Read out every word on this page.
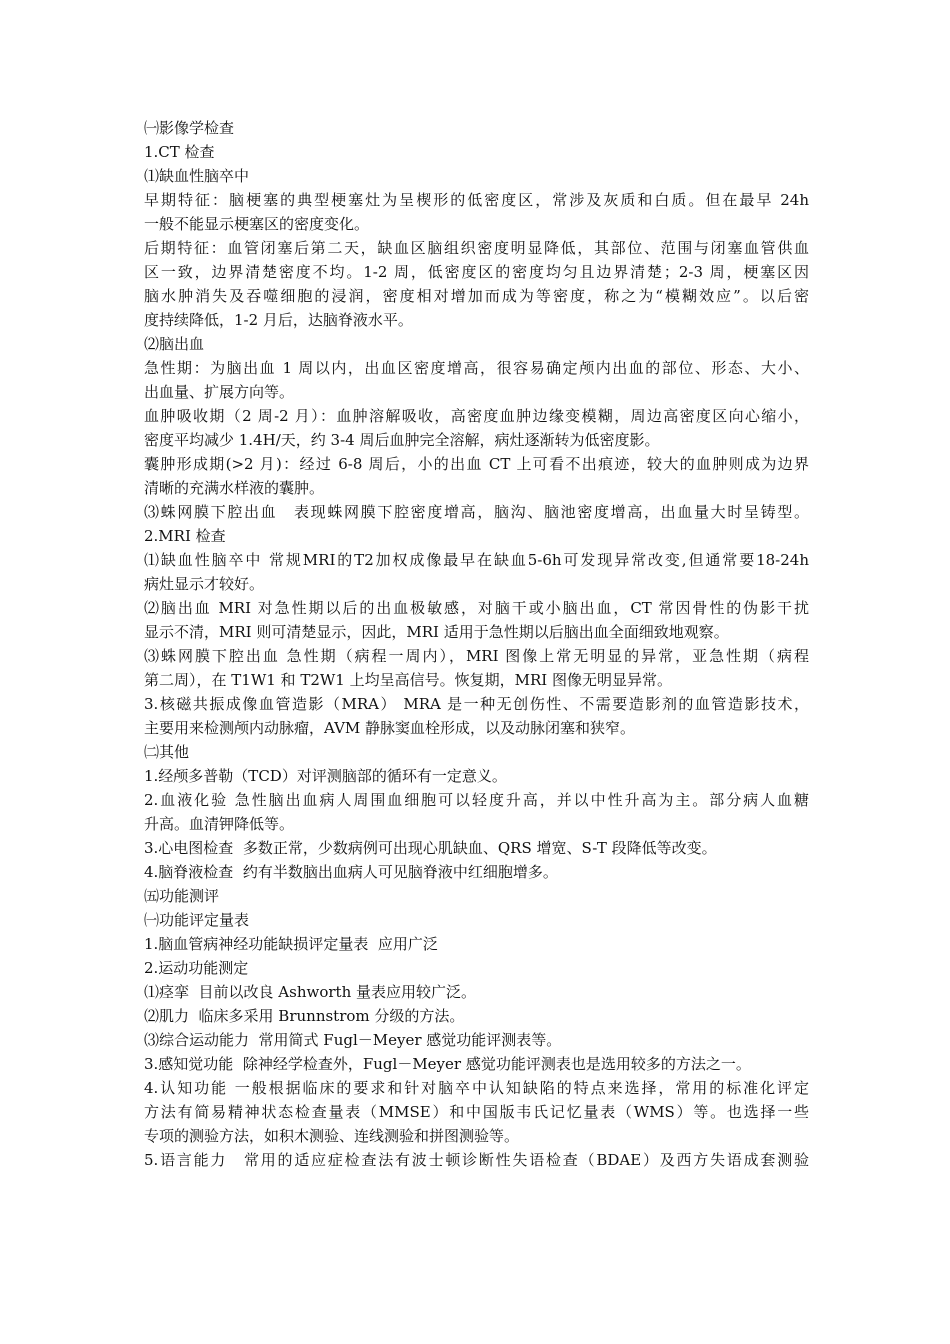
㈠影像学检查
1.CT 检查
⑴缺血性脑卒中
早期特征：脑梗塞的典型梗塞灶为呈楔形的低密度区，常涉及灰质和白质。但在最早 24h
一般不能显示梗塞区的密度变化。
后期特征：血管闭塞后第二天，缺血区脑组织密度明显降低，其部位、范围与闭塞血管供血
区一致，边界清楚密度不均。1-2 周，低密度区的密度均匀且边界清楚；2-3 周，梗塞区因
脑水肿消失及吞噬细胞的浸润，密度相对增加而成为等密度，称之为“模糊效应”。以后密
度持续降低，1-2 月后，达脑脊液水平。
⑵脑出血
急性期：为脑出血 1 周以内，出血区密度增高，很容易确定颅内出血的部位、形态、大小、
出血量、扩展方向等。
血肿吸收期（2 周-2 月）：血肿溶解吸收，高密度血肿边缘变模糊，周边高密度区向心缩小，
密度平均减少 1.4H/天，约 3-4 周后血肿完全溶解，病灶逐渐转为低密度影。
囊肿形成期(>2 月)：经过 6-8 周后，小的出血 CT 上可看不出痕迹，较大的血肿则成为边界
清晰的充满水样液的囊肿。
⑶蛛网膜下腔出血　表现蛛网膜下腔密度增高，脑沟、脑池密度增高，出血量大时呈铸型。
2.MRI 检查
⑴缺血性脑卒中 常规MRI的T2加权成像最早在缺血5-6h可发现异常改变,但通常要18-24h
病灶显示才较好。
⑵脑出血 MRI 对急性期以后的出血极敏感，对脑干或小脑出血，CT 常因骨性的伪影干扰
显示不清，MRI 则可清楚显示，因此，MRI 适用于急性期以后脑出血全面细致地观察。
⑶蛛网膜下腔出血 急性期（病程一周内），MRI 图像上常无明显的异常，亚急性期（病程
第二周），在 T1W1 和 T2W1 上均呈高信号。恢复期，MRI 图像无明显异常。
3.核磁共振成像血管造影（MRA） MRA 是一种无创伤性、不需要造影剂的血管造影技术，
主要用来检测颅内动脉瘤，AVM 静脉窦血栓形成，以及动脉闭塞和狭窄。
㈡其他
1.经颅多普勒（TCD）对评测脑部的循环有一定意义。
2.血液化验 急性脑出血病人周围血细胞可以轻度升高，并以中性升高为主。部分病人血糖
升高。血清钾降低等。
3.心电图检查  多数正常，少数病例可出现心肌缺血、QRS 增宽、S-T 段降低等改变。
4.脑脊液检查  约有半数脑出血病人可见脑脊液中红细胞增多。
㈤功能测评
㈠功能评定量表
1.脑血管病神经功能缺损评定量表  应用广泛
2.运动功能测定
⑴痉挛  目前以改良 Ashworth 量表应用较广泛。
⑵肌力  临床多采用 Brunnstrom 分级的方法。
⑶综合运动能力  常用简式 Fugl－Meyer 感觉功能评测表等。
3.感知觉功能  除神经学检查外，Fugl－Meyer 感觉功能评测表也是选用较多的方法之一。
4.认知功能 一般根据临床的要求和针对脑卒中认知缺陷的特点来选择，常用的标准化评定
方法有简易精神状态检查量表（MMSE）和中国版韦氏记忆量表（WMS）等。也选择一些
专项的测验方法，如积木测验、连线测验和拼图测验等。
5.语言能力　常用的适应症检查法有波士顿诊断性失语检查（BDAE）及西方失语成套测验
